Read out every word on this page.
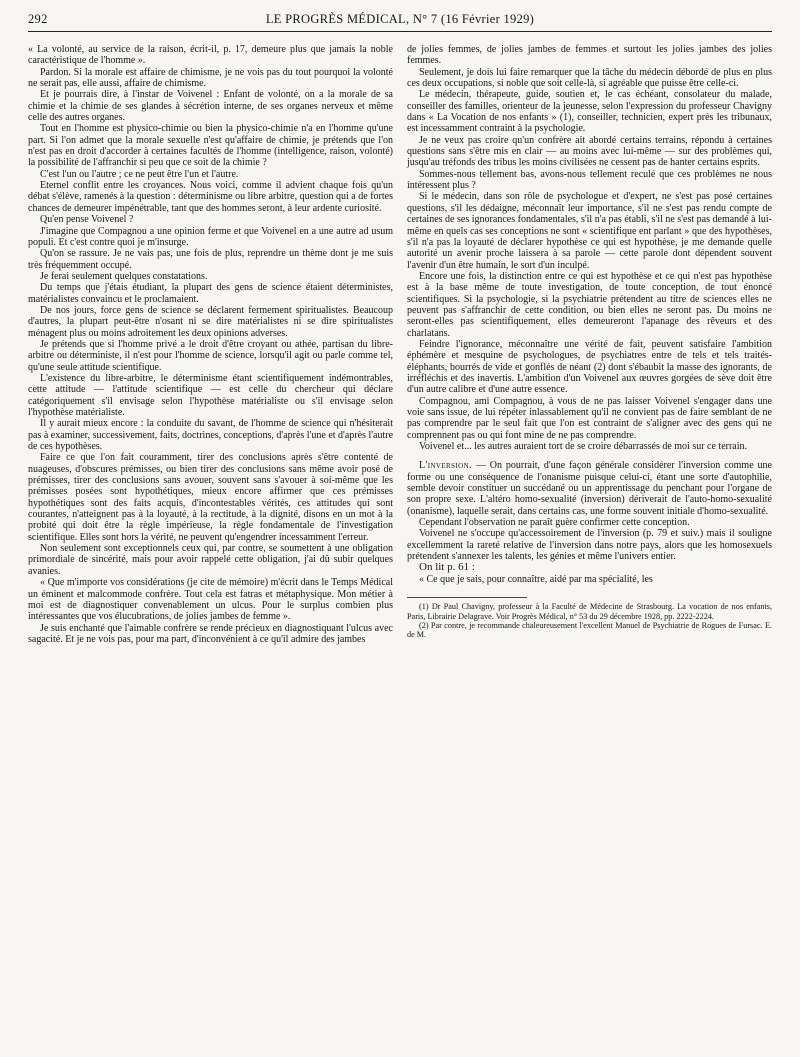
292	LE PROGRÈS MÉDICAL, N° 7 (16 Février 1929)

« La volonté, au service de la raison, écrit-il, p. 17, demeure plus que jamais la noble caractéristique de l'homme ».

Pardon. Si la morale est affaire de chimisme, je ne vois pas du tout pourquoi la volonté ne serait pas, elle aussi, affaire de chimisme.

Et je pourrais dire, à l'instar de Voivenel : Enfant de volonté, on a la morale de sa chimie et la chimie de ses glandes à sécrétion interne, de ses organes nerveux et même celle des autres organes.

Tout en l'homme est physico-chimie ou bien la physico-chimie n'a en l'homme qu'une part. Si l'on admet que la morale sexuelle n'est qu'affaire de chimie, je prétends que l'on n'est pas en droit d'accorder à certaines facultés de l'homme (intelligence, raison, volonté) la possibilité de l'affranchir si peu que ce soit de la chimie ?

C'est l'un ou l'autre ; ce ne peut être l'un et l'autre.

Eternel conflit entre les croyances. Nous voici, comme il advient chaque fois qu'un débat s'élève, ramenés à la question : déterminisme ou libre arbitre, question qui a de fortes chances de demeurer impénétrable, tant que des hommes seront, à leur ardente curiosité.

Qu'en pense Voivenel ?

J'imagine que Compagnou a une opinion ferme et que Voivenel en a une autre ad usum populi. Et c'est contre quoi je m'insurge.

Qu'on se rassure. Je ne vais pas, une fois de plus, reprendre un thème dont je me suis très fréquemment occupé.

Je ferai seulement quelques constatations.

Du temps que j'étais étudiant, la plupart des gens de science étaient déterministes, matérialistes convaincu et le proclamaient.

De nos jours, force gens de science se déclarent fermement spiritualistes. Beaucoup d'autres, la plupart peut-être n'osant ni se dire matérialistes ni se dire spiritualistes ménagent plus ou moins adroitement les deux opinions adverses.

Je prétends que si l'homme privé a le droit d'être croyant ou athée, partisan du libre-arbitre ou déterministe, il n'est pour l'homme de science, lorsqu'il agit ou parle comme tel, qu'une seule attitude scientifique.

L'existence du libre-arbitre, le déterminisme étant scientifiquement indémontrables, cette attitude — l'attitude scientifique — est celle du chercheur qui déclare catégoriquement s'il envisage selon l'hypothèse matérialiste ou s'il envisage selon l'hypothèse matérialiste.

Il y aurait mieux encore : la conduite du savant, de l'homme de science qui n'hésiterait pas à examiner, successivement, faits, doctrines, conceptions, d'après l'une et d'après l'autre de ces hypothèses.

Faire ce que l'on fait couramment, tirer des conclusions après s'être contenté de nuageuses, d'obscures prémisses, ou bien tirer des conclusions sans même avoir posé de prémisses, tirer des conclusions sans avouer, souvent sans s'avouer à soi-même que les prémisses posées sont hypothétiques, mieux encore affirmer que ces prémisses hypothétiques sont des faits acquis, d'incontestables vérités, ces attitudes qui sont courantes, n'atteignent pas à la loyauté, à la rectitude, à la dignité, disons en un mot à la probité qui doit être la règle impérieuse, la règle fondamentale de l'investigation scientifique. Elles sont hors la vérité, ne peuvent qu'engendrer incessamment l'erreur.

Non seulement sont exceptionnels ceux qui, par contre, se soumettent à une obligation primordiale de sincérité, mais pour avoir rappelé cette obligation, j'ai dû subir quelques avanies.

« Que m'importe vos considérations (je cite de mémoire) m'écrit dans le Temps Médical un éminent et malcommode confrère. Tout cela est fatras et métaphysique. Mon métier à moi est de diagnostiquer convenablement un ulcus. Pour le surplus combien plus intéressantes que vos élucubrations, de jolies jambes de femme ».

Je suis enchanté que l'aimable confrère se rende précieux en diagnostiquant l'ulcus avec sagacité. Et je ne vois pas, pour ma part, d'inconvénient à ce qu'il admire des jambes

de jolies femmes, de jolies jambes de femmes et surtout les jolies jambes des jolies femmes.

Seulement, je dois lui faire remarquer que la tâche du médecin débordé de plus en plus ces deux occupations, si noble que soit celle-là, si agréable que puisse être celle-ci.

Le médecin, thérapeute, guide, soutien et, le cas échéant, consolateur du malade, conseiller des familles, orienteur de la jeunesse, selon l'expression du professeur Chavigny dans « La Vocation de nos enfants » (1), conseiller, technicien, expert près les tribunaux, est incessamment contraint à la psychologie.

Je ne veux pas croire qu'un confrère ait abordé certains terrains, répondu à certaines questions sans s'être mis en clair — au moins avec lui-même — sur des problèmes qui, jusqu'au tréfonds des tribus les moins civilisées ne cessent pas de hanter certains esprits.

Sommes-nous tellement bas, avons-nous tellement reculé que ces problèmes ne nous intéressent plus ?

Si le médecin, dans son rôle de psychologue et d'expert, ne s'est pas posé certaines questions, s'il les dédaigne, méconnaît leur importance, s'il ne s'est pas rendu compte de certaines de ses ignorances fondamentales, s'il n'a pas établi, s'il ne s'est pas demandé à lui-même en quels cas ses conceptions ne sont « scientifique ent parlant » que des hypothèses, s'il n'a pas la loyauté de déclarer hypothèse ce qui est hypothèse, je me demande quelle autorité un avenir proche laissera à sa parole — cette parole dont dépendent souvent l'avenir d'un être humain, le sort d'un inculpé.

Encore une fois, la distinction entre ce qui est hypothèse et ce qui n'est pas hypothèse est à la base même de toute investigation, de toute conception, de tout énoncé scientifiques. Si la psychologie, si la psychiatrie prétendent au titre de sciences elles ne peuvent pas s'affranchir de cette condition, ou bien elles ne seront pas. Du moins ne seront-elles pas scientifiquement, elles demeureront l'apanage des rêveurs et des charlatans.

Feindre l'ignorance, méconnaître une vérité de fait, peuvent satisfaire l'ambition éphémère et mesquine de psychologues, de psychiatres entre de tels et tels traités-éléphants, bourrés de vide et gonflés de néant (2) dont s'ébaubit la masse des ignorants, de irréfléchis et des inavertis. L'ambition d'un Voivenel aux œuvres gorgées de sève doit être d'un autre calibre et d'une autre essence.

Compagnou, ami Compagnou, à vous de ne pas laisser Voivenel s'engager dans une voie sans issue, de lui répéter inlassablement qu'il ne convient pas de faire semblant de ne pas comprendre par le seul fait que l'on est contraint de s'aligner avec des gens qui ne comprennent pas ou qui font mine de ne pas comprendre.

Voivenel et... les autres auraient tort de se croire débarrassés de moi sur ce terrain.

L'inversion. — On pourrait, d'une façon générale considérer l'inversion comme une forme ou une conséquence de l'onanisme puisque celui-ci, étant une sorte d'autophilie, semble devoir constituer un succédané ou un apprentissage du penchant pour l'organe de son propre sexe. L'altéro homo-sexualité (inversion) dériverait de l'auto-homo-sexualité (onanisme), laquelle serait, dans certains cas, une forme souvent initiale d'homo-sexualité.

Cependant l'observation ne paraît guère confirmer cette conception.

Voivenel ne s'occupe qu'accessoirement de l'inversion (p. 79 et suiv.) mais il souligne excellemment la rareté relative de l'inversion dans notre pays, alors que les homosexuels prétendent s'annexer les talents, les génies et même l'univers entier.

On lit p. 61 :

« Ce que je sais, pour connaître, aidé par ma spécialité, les

(1) Dr Paul Chavigny, professeur à la Faculté de Médecine de Strasbourg. La vocation de nos enfants, Paris, Librairie Delagrave. Voir Progrès Médical, n° 53 du 29 décembre 1928, pp. 2222-2224.

(2) Par contre, je recommande chaleureusement l'excellent Manuel de Psychiatrie de Rogues de Fursac. E. de M.
